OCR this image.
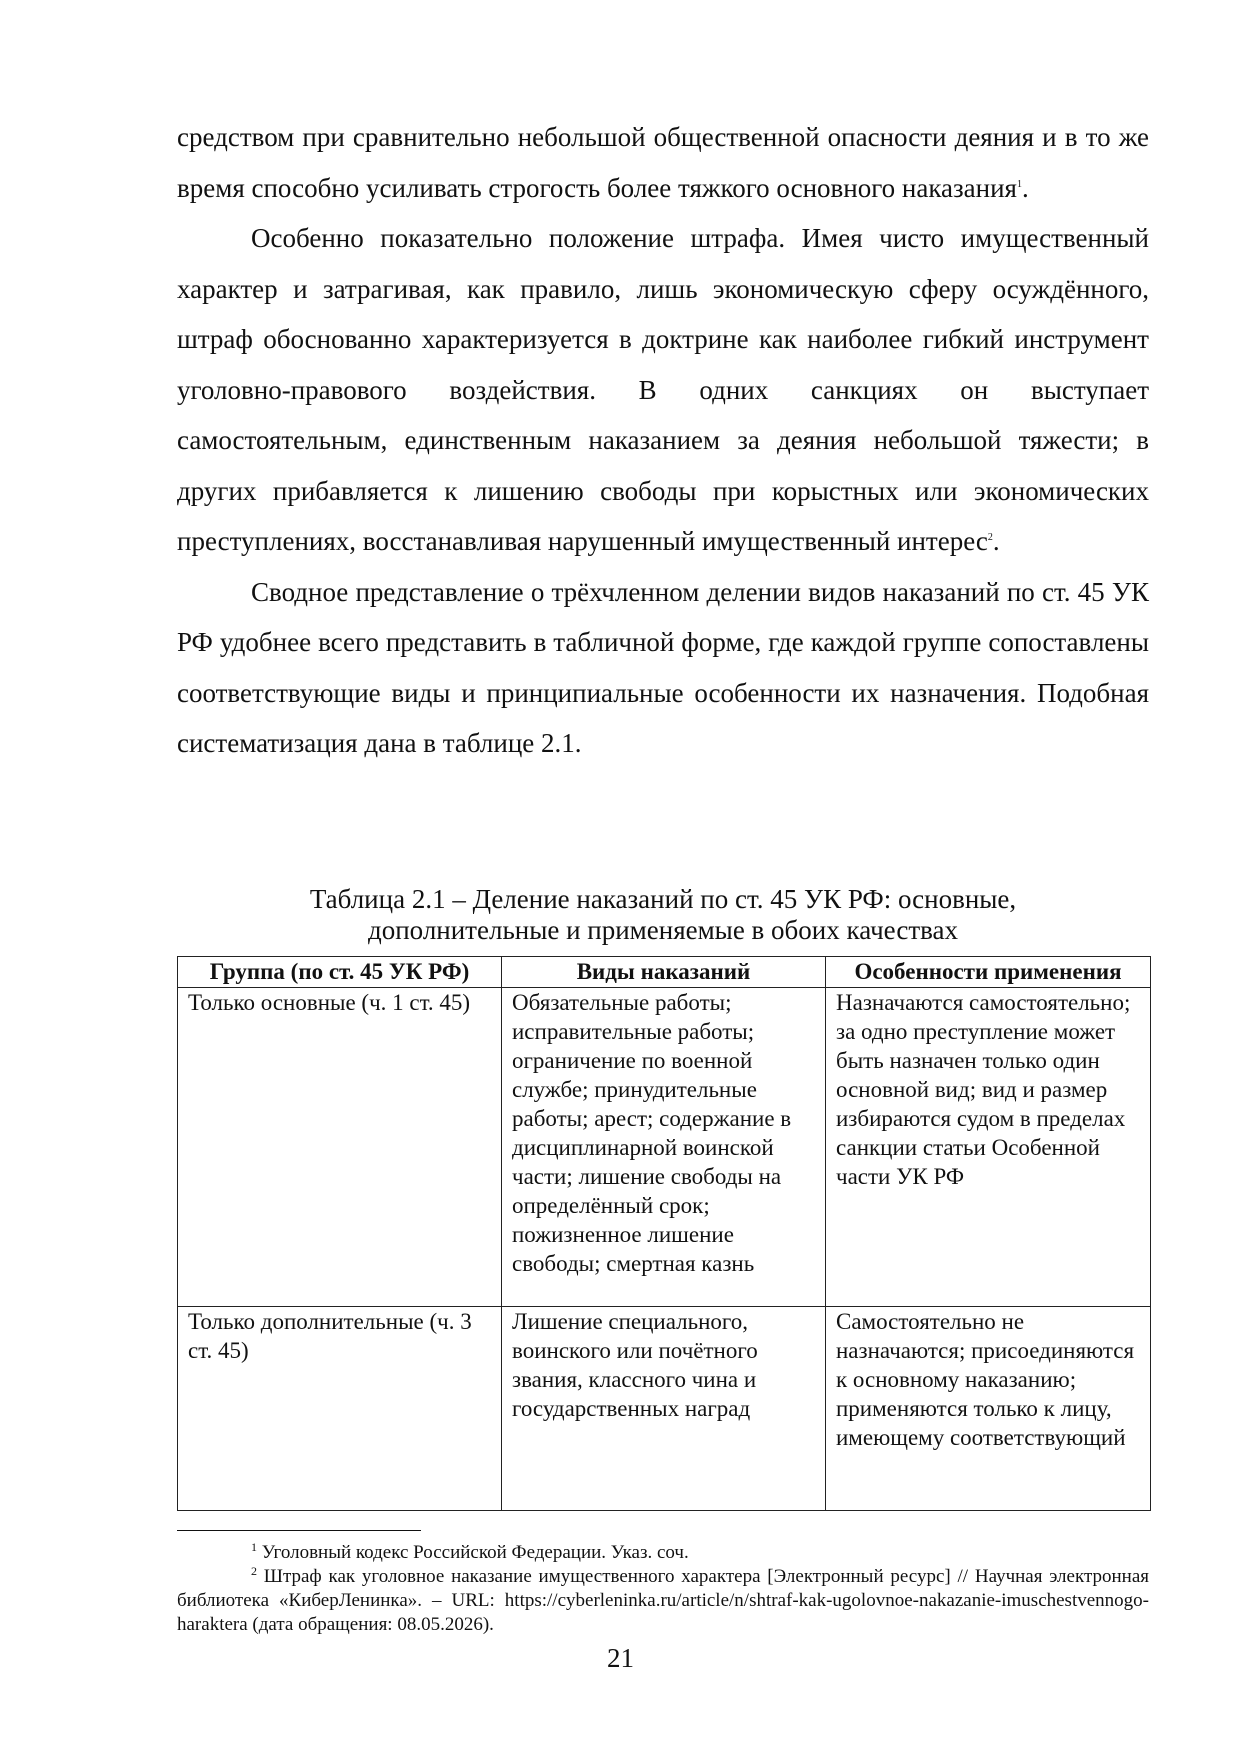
средством при сравнительно небольшой общественной опасности деяния и в то же время способно усиливать строгость более тяжкого основного наказания$^1$.

Особенно показательно положение штрафа. Имея чисто имущественный характер и затрагивая, как правило, лишь экономическую сферу осуждённого, штраф обоснованно характеризуется в доктрине как наиболее гибкий инструмент уголовно-правового воздействия. В одних санкциях он выступает самостоятельным, единственным наказанием за деяния небольшой тяжести; в других прибавляется к лишению свободы при корыстных или экономических преступлениях, восстанавливая нарушенный имущественный интерес$^2$.

Сводное представление о трёхчленном делении видов наказаний по ст. 45 УК РФ удобнее всего представить в табличной форме, где каждой группе сопоставлены соответствующие виды и принципиальные особенности их назначения. Подобная систематизация дана в таблице 2.1.

Таблица 2.1 – Деление наказаний по ст. 45 УК РФ: основные,
дополнительные и применяемые в обоих качествах
Группа (по ст. 45 УК РФ)	Виды наказаний	Особенности применения
Только основные (ч. 1 ст. 45)	Обязательные работы; исправительные работы; ограничение по военной службе; принудительные работы; арест; содержание в дисциплинарной воинской части; лишение свободы на определённый срок; пожизненное лишение свободы; смертная казнь	Назначаются самостоятельно; за одно преступление может быть назначен только один основной вид; вид и размер избираются судом в пределах санкции статьи Особенной части УК РФ
Только дополнительные (ч. 3 ст. 45)	Лишение специального, воинского или почётного звания, классного чина и государственных наград	Самостоятельно не назначаются; присоединяются к основному наказанию; применяются только к лицу, имеющему соответствующий

$^1$ Уголовный кодекс Российской Федерации. Указ. соч.

$^2$ Штраф как уголовное наказание имущественного характера [Электронный ресурс] // Научная электронная библиотека «КиберЛенинка». – URL: https://cyberleninka.ru/article/n/shtraf-kak-ugolovnoe-nakazanie-imuschestvennogo-haraktera (дата обращения: 08.05.2026).

21
